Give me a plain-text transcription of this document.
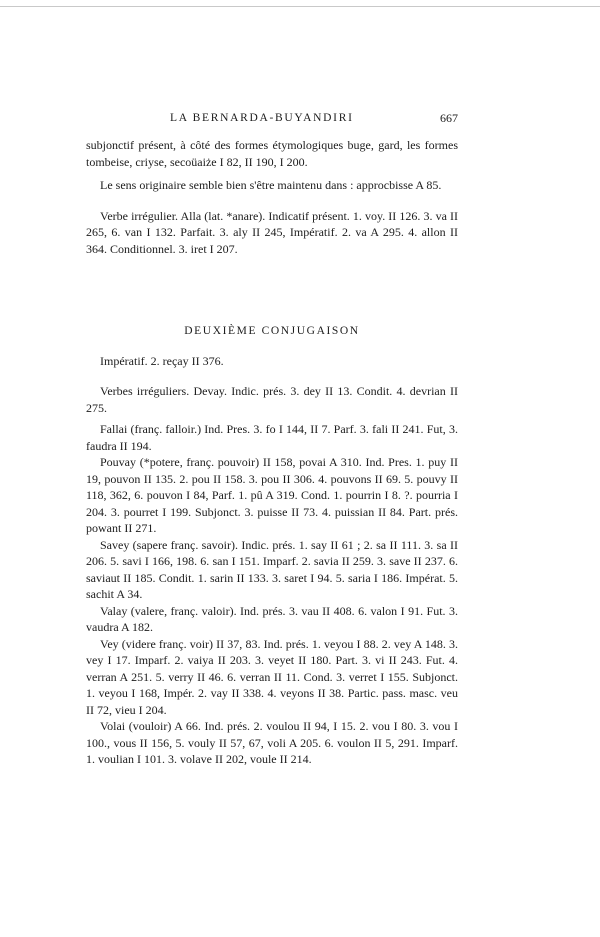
LA BERNARDA-BUYANDIRI	667

subjonctif présent, à côté des formes étymologiques buge, gard, les formes tombeise, criyse, secoüaiże I 82, II 190, I 200.

Le sens originaire semble bien s'être maintenu dans : approcbisse A 85.

Verbe irrégulier. Alla (lat. *anare). Indicatif présent. 1. voy. II 126. 3. va II 265, 6. van I 132. Parfait. 3. aly II 245, Impératif. 2. va A 295. 4. allon II 364. Conditionnel. 3. iret I 207.

DEUXIÈME CONJUGAISON

Impératif. 2. reçay II 376.

Verbes irréguliers. Devay. Indic. prés. 3. dey II 13. Condit. 4. devrian II 275.

Fallai (franç. falloir.) Ind. Pres. 3. fo I 144, II 7. Parf. 3. fali II 241. Fut, 3. faudra II 194.

Pouvay (*potere, franç. pouvoir) II 158, povai A 310. Ind. Pres. 1. puy II 19, pouvon II 135. 2. pou II 158. 3. pou II 306. 4. pouvons II 69. 5. pouvy II 118, 362, 6. pouvon I 84, Parf. 1. pû A 319. Cond. 1. pourrin I 8. ?. pourria I 204. 3. pourret I 199. Subjonct. 3. puisse II 73. 4. puissian II 84. Part. prés. powant II 271.

Savey (sapere franç. savoir). Indic. prés. 1. say II 61 ; 2. sa II 111. 3. sa II 206. 5. savi I 166, 198. 6. san I 151. Imparf. 2. savia II 259. 3. save II 237. 6. saviaut II 185. Condit. 1. sarin II 133. 3. saret I 94. 5. saria I 186. Impérat. 5. sachit A 34.

Valay (valere, franç. valoir). Ind. prés. 3. vau II 408. 6. valon I 91. Fut. 3. vaudra A 182.

Vey (videre franç. voir) II 37, 83. Ind. prés. 1. veyou I 88. 2. vey A 148. 3. vey I 17. Imparf. 2. vaiya II 203. 3. veyet II 180. Part. 3. vi II 243. Fut. 4. verran A 251. 5. verry II 46. 6. verran II 11. Cond. 3. verret I 155. Subjonct. 1. veyou I 168, Impér. 2. vay II 338. 4. veyons II 38. Partic. pass. masc. veu II 72, vieu I 204.

Volai (vouloir) A 66. Ind. prés. 2. voulou II 94, I 15. 2. vou I 80. 3. vou I 100., vous II 156, 5. vouly II 57, 67, voli A 205. 6. voulon II 5, 291. Imparf. 1. voulian I 101. 3. volave II 202, voule II 214.
